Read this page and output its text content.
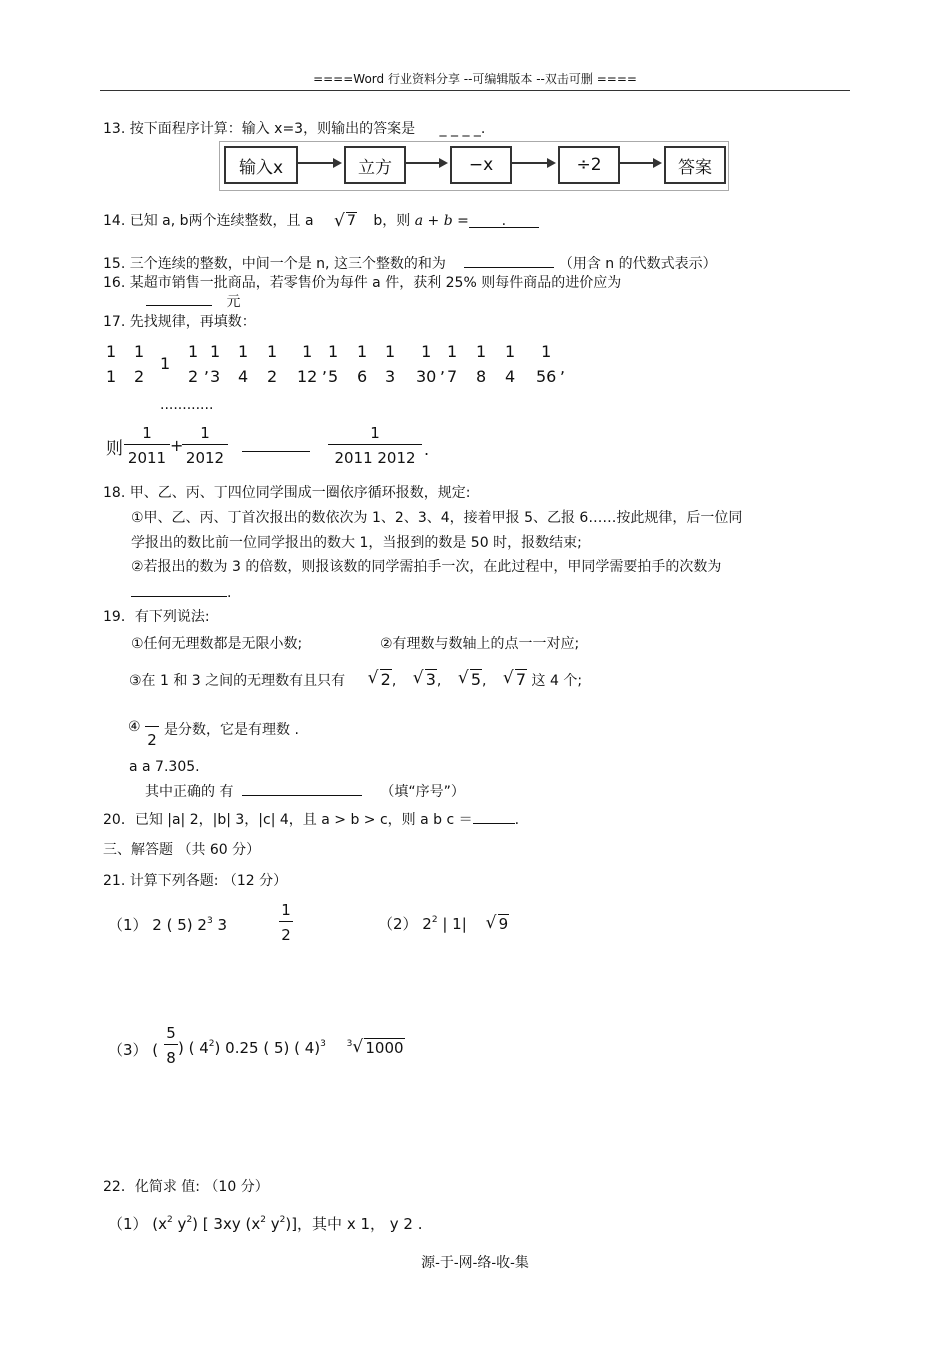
====Word 行业资料分享 --可编辑版本 --双击可删 ====
13. 按下面程序计算：输入 x=3，则输出的答案是 _ _ _ _.
输入x	立方	−x	÷2	答案
14. 已知 a, b两个连续整数，且 a √ 7 b，则 a + b = .
15. 三个连续的整数，中间一个是 n, 这三个整数的和为	（用含 n 的代数式表示）
16. 某超市销售一批商品，若零售价为每件 a 件，获利 25% 则每件商品的进价应为
元
17. 先找规律，再填数：
1
1
1
2
1
2
1
3
1
4
1
2
1
12
1
5
1
6
1
3
1
30
1
7
1
8
1
4
1
56
1 ,	,	,	,
............
则 $\frac{1}{2011}$ +
$\frac{1}{2012}$	$\frac{1}{2011 2012}$ .
18. 甲、乙、丙、丁四位同学围成一圈依序循环报数，规定:
①甲、乙、丙、丁首次报出的数依次为 1、2、3、4，接着甲报 5、乙报 6……按此规律，后一位同
学报出的数比前一位同学报出的数大 1，当报到的数是 50 时，报数结束;
②若报出的数为 3 的倍数，则报该数的同学需拍手一次，在此过程中，甲同学需要拍手的次数为
.
19．有下列说法:
①任何无理数都是无限小数;	②有理数与数轴上的点一一对应;
③在 1 和 3 之间的无理数有且只有 √ 2, √ 3, √ 5, √ 7 这 4 个;
④
2
是分数，它是有理数 .
a a 7.305.
其中正确的 有	（填“序号”）
20．已知 |a| 2，|b| 3，|c| 4，且 a > b > c，则 a b c ＝	.
三、解答题 （共 60 分）
21. 计算下列各题: （12 分）
（1） 2 ( 5) $2^3$ 3	$\frac{1}{2}$	（2） $2^2$ | 1| √ 9
（3） ( $\frac{5}{8}$ ) ( $4^2$) 0.25 ( 5) ( 4)$^3$ $^3$ √ 1000
22．化简求 值: （10 分）
（1） ($x^2$ $y^2$) [ 3xy ($x^2$ $y^2$)]，其中 x 1， y 2 .
源-于-网-络-收-集
